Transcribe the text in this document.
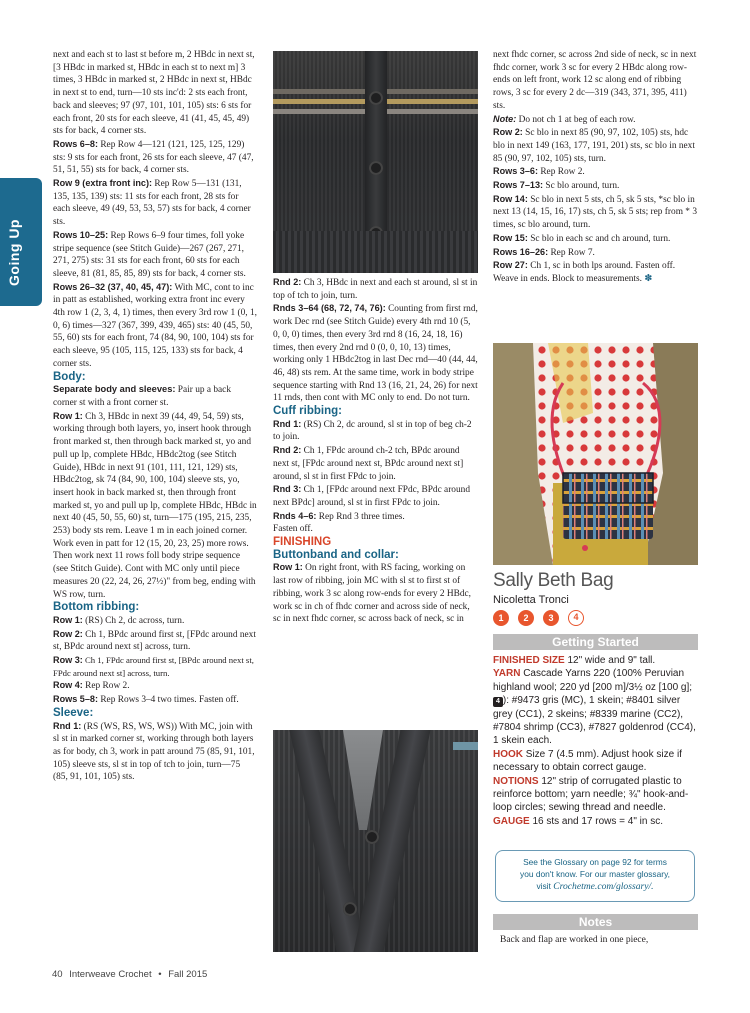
Going Up

next and each st to last st before m, 2 HBdc in next st, [3 HBdc in marked st, HBdc in each st to next m] 3 times, 3 HBdc in marked st, 2 HBdc in next st, HBdc in next st to end, turn—10 sts inc'd: 2 sts each front, back and sleeves; 97 (97, 101, 101, 105) sts: 6 sts for each front, 20 sts for each sleeve, 41 (41, 45, 45, 49) sts for back, 4 corner sts.

Rows 6–8: Rep Row 4—121 (121, 125, 125, 129) sts: 9 sts for each front, 26 sts for each sleeve, 47 (47, 51, 51, 55) sts for back, 4 corner sts.

Row 9 (extra front inc): Rep Row 5—131 (131, 135, 135, 139) sts: 11 sts for each front, 28 sts for each sleeve, 49 (49, 53, 53, 57) sts for back, 4 corner sts.

Rows 10–25: Rep Rows 6–9 four times, foll yoke stripe sequence (see Stitch Guide)—267 (267, 271, 271, 275) sts: 31 sts for each front, 60 sts for each sleeve, 81 (81, 85, 85, 89) sts for back, 4 corner sts.

Rows 26–32 (37, 40, 45, 47): With MC, cont to inc in patt as established, working extra front inc every 4th row 1 (2, 3, 4, 1) times, then every 3rd row 1 (0, 1, 0, 6) times—327 (367, 399, 439, 465) sts: 40 (45, 50, 55, 60) sts for each front, 74 (84, 90, 100, 104) sts for each sleeve, 95 (105, 115, 125, 133) sts for back, 4 corner sts.

Body:

Separate body and sleeves: Pair up a back corner st with a front corner st.

Row 1: Ch 3, HBdc in next 39 (44, 49, 54, 59) sts, working through both layers, yo, insert hook through front marked st, then through back marked st, yo and pull up lp, complete HBdc, HBdc2tog (see Stitch Guide), HBdc in next 91 (101, 111, 121, 129) sts, HBdc2tog, sk 74 (84, 90, 100, 104) sleeve sts, yo, insert hook in back marked st, then through front marked st, yo and pull up lp, complete HBdc, HBdc in next 40 (45, 50, 55, 60) st, turn—175 (195, 215, 235, 253) body sts rem. Leave 1 m in each joined corner.

Work even in patt for 12 (15, 20, 23, 25) more rows. Then work next 11 rows foll body stripe sequence (see Stitch Guide). Cont with MC only until piece measures 20 (22, 24, 26, 27½)" from beg, ending with WS row, turn.

Bottom ribbing:

Row 1: (RS) Ch 2, dc across, turn.

Row 2: Ch 1, BPdc around first st, [FPdc around next st, BPdc around next st] across, turn.

Row 3: Ch 1, FPdc around first st, [BPdc around next st, FPdc around next st] across, turn.

Row 4: Rep Row 2.

Rows 5–8: Rep Rows 3–4 two times. Fasten off.

Sleeve:

Rnd 1: (RS (WS, RS, WS, WS)) With MC, join with sl st in marked corner st, working through both layers as for body, ch 3, work in patt around 75 (85, 91, 101, 105) sleeve sts, sl st in top of tch to join, turn—75 (85, 91, 101, 105) sts.

Rnd 2: Ch 3, HBdc in next and each st around, sl st in top of tch to join, turn.

Rnds 3–64 (68, 72, 74, 76): Counting from first rnd, work Dec rnd (see Stitch Guide) every 4th rnd 10 (5, 0, 0, 0) times, then every 3rd rnd 8 (16, 24, 18, 16) times, then every 2nd rnd 0 (0, 0, 10, 13) times, working only 1 HBdc2tog in last Dec rnd—40 (44, 44, 46, 48) sts rem. At the same time, work in body stripe sequence starting with Rnd 13 (16, 21, 24, 26) for next 11 rnds, then cont with MC only to end. Do not turn.

Cuff ribbing:

Rnd 1: (RS) Ch 2, dc around, sl st in top of beg ch-2 to join.

Rnd 2: Ch 1, FPdc around ch-2 tch, BPdc around next st, [FPdc around next st, BPdc around next st] around, sl st in first FPdc to join.

Rnd 3: Ch 1, [FPdc around next FPdc, BPdc around next BPdc] around, sl st in first FPdc to join.

Rnds 4–6: Rep Rnd 3 three times.

Fasten off.

FINISHING

Buttonband and collar:

Row 1: On right front, with RS facing, working on last row of ribbing, join MC with sl st to first st of ribbing, work 3 sc along row-ends for every 2 HBdc, work sc in ch of fhdc corner and across side of neck, sc in next fhdc corner, sc across back of neck, sc in

next fhdc corner, sc across 2nd side of neck, sc in next fhdc corner, work 3 sc for every 2 HBdc along row-ends on left front, work 12 sc along end of ribbing rows, 3 sc for every 2 dc—319 (343, 371, 395, 411) sts.

Note: Do not ch 1 at beg of each row.

Row 2: Sc blo in next 85 (90, 97, 102, 105) sts, hdc blo in next 149 (163, 177, 191, 201) sts, sc blo in next 85 (90, 97, 102, 105) sts, turn.

Rows 3–6: Rep Row 2.

Rows 7–13: Sc blo around, turn.

Row 14: Sc blo in next 5 sts, ch 5, sk 5 sts, *sc blo in next 13 (14, 15, 16, 17) sts, ch 5, sk 5 sts; rep from * 3 times, sc blo around, turn.

Row 15: Sc blo in each sc and ch around, turn.

Rows 16–26: Rep Row 7.

Row 27: Ch 1, sc in both lps around. Fasten off.

Weave in ends. Block to measurements. ✽

Sally Beth Bag
Nicoletta Tronci
1	2	3	4
Getting Started

FINISHED SIZE 12" wide and 9" tall.

YARN Cascade Yarns 220 (100% Peruvian highland wool; 220 yd [200 m]/3½ oz [100 g]; 4 ): #9473 gris (MC), 1 skein; #8401 silver grey (CC1), 2 skeins; #8339 marine (CC2), #7804 shrimp (CC3), #7827 goldenrod (CC4), 1 skein each.

HOOK Size 7 (4.5 mm). Adjust hook size if necessary to obtain correct gauge.

NOTIONS 12" strip of corrugated plastic to reinforce bottom; yarn needle; ¾" hook-and-loop circles; sewing thread and needle.

GAUGE 16 sts and 17 rows = 4" in sc.

See the Glossary on page 92 for terms
you don't know. For our master glossary,
visit Crochetme.com/glossary/.
Notes
Back and flap are worked in one piece,
40 Interweave Crochet • Fall 2015
